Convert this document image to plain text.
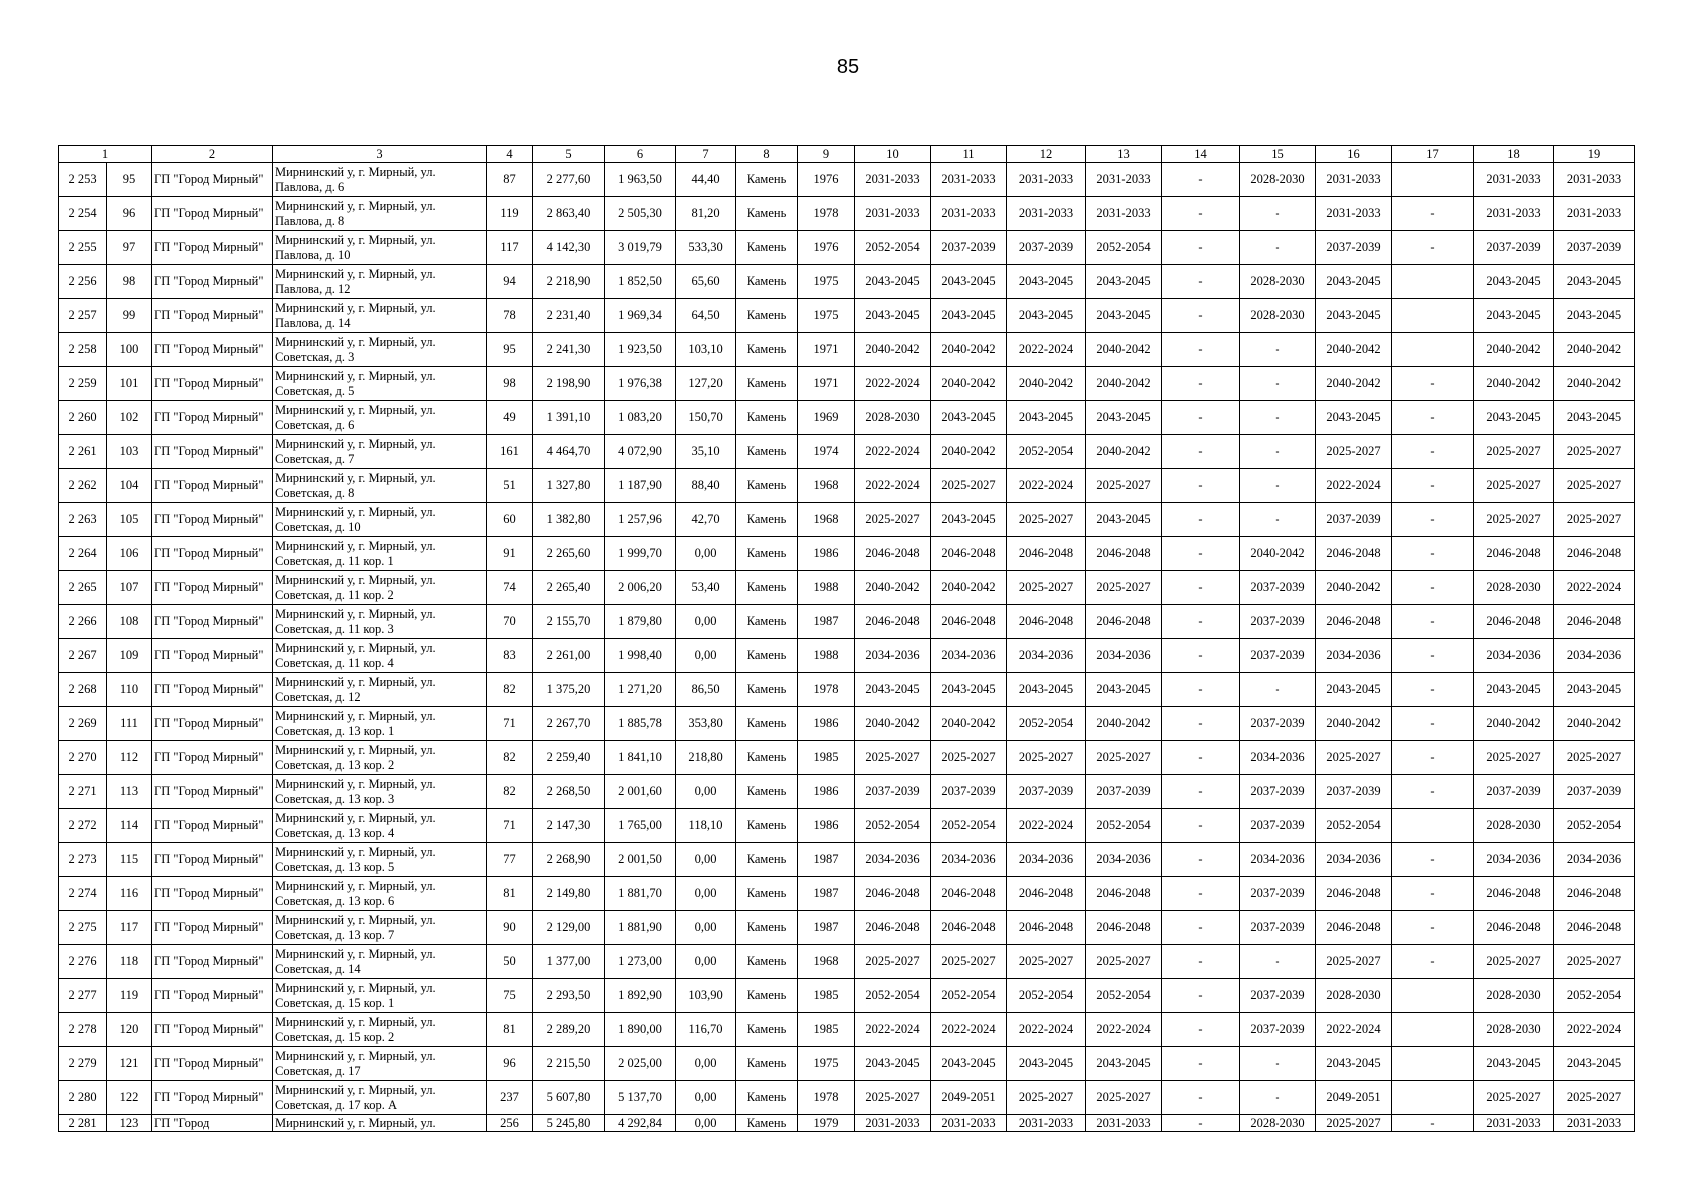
85
1		2	3	4	5	6	7	8	9	10	11	12	13	14	15	16	17	18	19
2 253	95	ГП "Город Мирный"	Мирнинский у, г. Мирный, ул. Павлова, д. 6	87	2 277,60	1 963,50	44,40	Камень	1976	2031-2033	2031-2033	2031-2033	2031-2033	-	2028-2030	2031-2033		2031-2033	2031-2033
2 254	96	ГП "Город Мирный"	Мирнинский у, г. Мирный, ул. Павлова, д. 8	119	2 863,40	2 505,30	81,20	Камень	1978	2031-2033	2031-2033	2031-2033	2031-2033	-	-	2031-2033	-	2031-2033	2031-2033
2 255	97	ГП "Город Мирный"	Мирнинский у, г. Мирный, ул. Павлова, д. 10	117	4 142,30	3 019,79	533,30	Камень	1976	2052-2054	2037-2039	2037-2039	2052-2054	-	-	2037-2039	-	2037-2039	2037-2039
2 256	98	ГП "Город Мирный"	Мирнинский у, г. Мирный, ул. Павлова, д. 12	94	2 218,90	1 852,50	65,60	Камень	1975	2043-2045	2043-2045	2043-2045	2043-2045	-	2028-2030	2043-2045		2043-2045	2043-2045
2 257	99	ГП "Город Мирный"	Мирнинский у, г. Мирный, ул. Павлова, д. 14	78	2 231,40	1 969,34	64,50	Камень	1975	2043-2045	2043-2045	2043-2045	2043-2045	-	2028-2030	2043-2045		2043-2045	2043-2045
2 258	100	ГП "Город Мирный"	Мирнинский у, г. Мирный, ул. Советская, д. 3	95	2 241,30	1 923,50	103,10	Камень	1971	2040-2042	2040-2042	2022-2024	2040-2042	-	-	2040-2042		2040-2042	2040-2042
2 259	101	ГП "Город Мирный"	Мирнинский у, г. Мирный, ул. Советская, д. 5	98	2 198,90	1 976,38	127,20	Камень	1971	2022-2024	2040-2042	2040-2042	2040-2042	-	-	2040-2042	-	2040-2042	2040-2042
2 260	102	ГП "Город Мирный"	Мирнинский у, г. Мирный, ул. Советская, д. 6	49	1 391,10	1 083,20	150,70	Камень	1969	2028-2030	2043-2045	2043-2045	2043-2045	-	-	2043-2045	-	2043-2045	2043-2045
2 261	103	ГП "Город Мирный"	Мирнинский у, г. Мирный, ул. Советская, д. 7	161	4 464,70	4 072,90	35,10	Камень	1974	2022-2024	2040-2042	2052-2054	2040-2042	-	-	2025-2027	-	2025-2027	2025-2027
2 262	104	ГП "Город Мирный"	Мирнинский у, г. Мирный, ул. Советская, д. 8	51	1 327,80	1 187,90	88,40	Камень	1968	2022-2024	2025-2027	2022-2024	2025-2027	-	-	2022-2024	-	2025-2027	2025-2027
2 263	105	ГП "Город Мирный"	Мирнинский у, г. Мирный, ул. Советская, д. 10	60	1 382,80	1 257,96	42,70	Камень	1968	2025-2027	2043-2045	2025-2027	2043-2045	-	-	2037-2039	-	2025-2027	2025-2027
2 264	106	ГП "Город Мирный"	Мирнинский у, г. Мирный, ул. Советская, д. 11 кор. 1	91	2 265,60	1 999,70	0,00	Камень	1986	2046-2048	2046-2048	2046-2048	2046-2048	-	2040-2042	2046-2048	-	2046-2048	2046-2048
2 265	107	ГП "Город Мирный"	Мирнинский у, г. Мирный, ул. Советская, д. 11 кор. 2	74	2 265,40	2 006,20	53,40	Камень	1988	2040-2042	2040-2042	2025-2027	2025-2027	-	2037-2039	2040-2042	-	2028-2030	2022-2024
2 266	108	ГП "Город Мирный"	Мирнинский у, г. Мирный, ул. Советская, д. 11 кор. 3	70	2 155,70	1 879,80	0,00	Камень	1987	2046-2048	2046-2048	2046-2048	2046-2048	-	2037-2039	2046-2048	-	2046-2048	2046-2048
2 267	109	ГП "Город Мирный"	Мирнинский у, г. Мирный, ул. Советская, д. 11 кор. 4	83	2 261,00	1 998,40	0,00	Камень	1988	2034-2036	2034-2036	2034-2036	2034-2036	-	2037-2039	2034-2036	-	2034-2036	2034-2036
2 268	110	ГП "Город Мирный"	Мирнинский у, г. Мирный, ул. Советская, д. 12	82	1 375,20	1 271,20	86,50	Камень	1978	2043-2045	2043-2045	2043-2045	2043-2045	-	-	2043-2045	-	2043-2045	2043-2045
2 269	111	ГП "Город Мирный"	Мирнинский у, г. Мирный, ул. Советская, д. 13 кор. 1	71	2 267,70	1 885,78	353,80	Камень	1986	2040-2042	2040-2042	2052-2054	2040-2042	-	2037-2039	2040-2042	-	2040-2042	2040-2042
2 270	112	ГП "Город Мирный"	Мирнинский у, г. Мирный, ул. Советская, д. 13 кор. 2	82	2 259,40	1 841,10	218,80	Камень	1985	2025-2027	2025-2027	2025-2027	2025-2027	-	2034-2036	2025-2027	-	2025-2027	2025-2027
2 271	113	ГП "Город Мирный"	Мирнинский у, г. Мирный, ул. Советская, д. 13 кор. 3	82	2 268,50	2 001,60	0,00	Камень	1986	2037-2039	2037-2039	2037-2039	2037-2039	-	2037-2039	2037-2039	-	2037-2039	2037-2039
2 272	114	ГП "Город Мирный"	Мирнинский у, г. Мирный, ул. Советская, д. 13 кор. 4	71	2 147,30	1 765,00	118,10	Камень	1986	2052-2054	2052-2054	2022-2024	2052-2054	-	2037-2039	2052-2054		2028-2030	2052-2054
2 273	115	ГП "Город Мирный"	Мирнинский у, г. Мирный, ул. Советская, д. 13 кор. 5	77	2 268,90	2 001,50	0,00	Камень	1987	2034-2036	2034-2036	2034-2036	2034-2036	-	2034-2036	2034-2036	-	2034-2036	2034-2036
2 274	116	ГП "Город Мирный"	Мирнинский у, г. Мирный, ул. Советская, д. 13 кор. 6	81	2 149,80	1 881,70	0,00	Камень	1987	2046-2048	2046-2048	2046-2048	2046-2048	-	2037-2039	2046-2048	-	2046-2048	2046-2048
2 275	117	ГП "Город Мирный"	Мирнинский у, г. Мирный, ул. Советская, д. 13 кор. 7	90	2 129,00	1 881,90	0,00	Камень	1987	2046-2048	2046-2048	2046-2048	2046-2048	-	2037-2039	2046-2048	-	2046-2048	2046-2048
2 276	118	ГП "Город Мирный"	Мирнинский у, г. Мирный, ул. Советская, д. 14	50	1 377,00	1 273,00	0,00	Камень	1968	2025-2027	2025-2027	2025-2027	2025-2027	-	-	2025-2027	-	2025-2027	2025-2027
2 277	119	ГП "Город Мирный"	Мирнинский у, г. Мирный, ул. Советская, д. 15 кор. 1	75	2 293,50	1 892,90	103,90	Камень	1985	2052-2054	2052-2054	2052-2054	2052-2054	-	2037-2039	2028-2030		2028-2030	2052-2054
2 278	120	ГП "Город Мирный"	Мирнинский у, г. Мирный, ул. Советская, д. 15 кор. 2	81	2 289,20	1 890,00	116,70	Камень	1985	2022-2024	2022-2024	2022-2024	2022-2024	-	2037-2039	2022-2024		2028-2030	2022-2024
2 279	121	ГП "Город Мирный"	Мирнинский у, г. Мирный, ул. Советская, д. 17	96	2 215,50	2 025,00	0,00	Камень	1975	2043-2045	2043-2045	2043-2045	2043-2045	-	-	2043-2045		2043-2045	2043-2045
2 280	122	ГП "Город Мирный"	Мирнинский у, г. Мирный, ул. Советская, д. 17 кор. А	237	5 607,80	5 137,70	0,00	Камень	1978	2025-2027	2049-2051	2025-2027	2025-2027	-	-	2049-2051		2025-2027	2025-2027
2 281	123	ГП "Город	Мирнинский у, г. Мирный, ул.	256	5 245,80	4 292,84	0,00	Камень	1979	2031-2033	2031-2033	2031-2033	2031-2033	-	2028-2030	2025-2027	-	2031-2033	2031-2033
